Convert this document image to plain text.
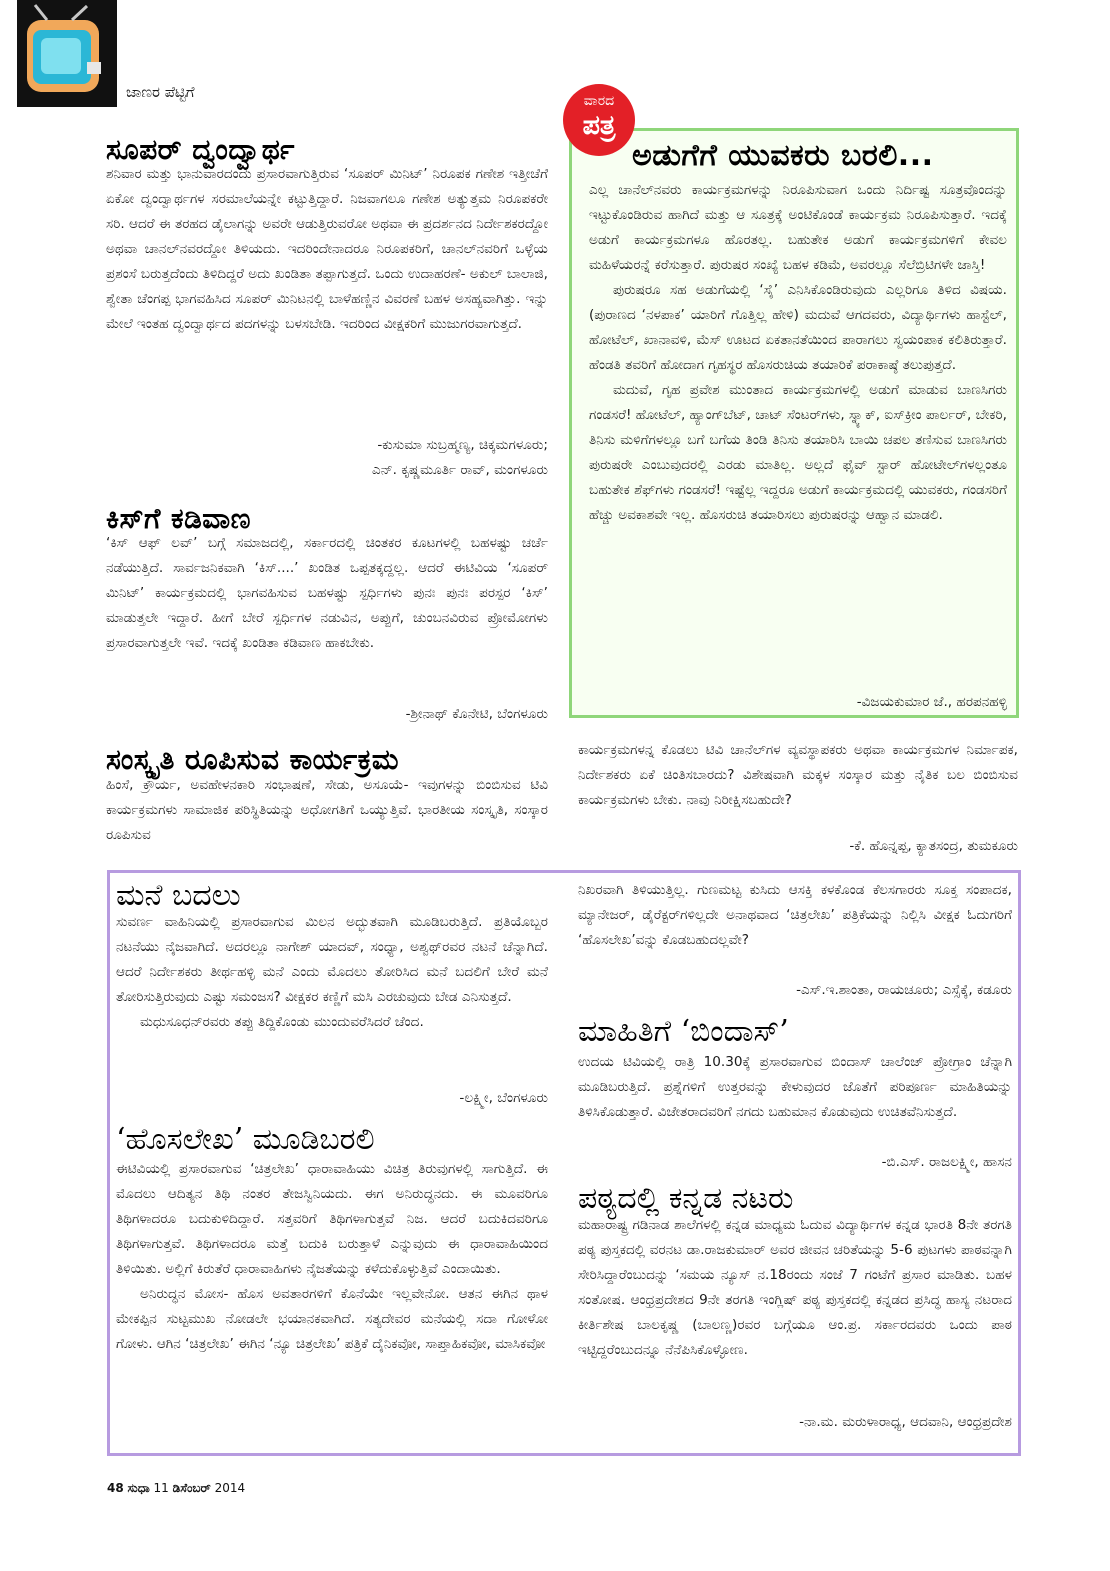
ಜಾಣರ ಪೆಟ್ಟಿಗೆ
ಸೂಪರ್ ದ್ವಂದ್ವಾರ್ಥ

ಶನಿವಾರ ಮತ್ತು ಭಾನುವಾರದಂದು ಪ್ರಸಾರವಾಗುತ್ತಿರುವ ‘ಸೂಪರ್ ಮಿನಿಟ್’ ನಿರೂಪಕ ಗಣೇಶ ಇತ್ತೀಚೆಗೆ ಏಕೋ ದ್ವಂದ್ವಾರ್ಥಗಳ ಸರಮಾಲೆಯನ್ನೇ ಕಟ್ಟುತ್ತಿದ್ದಾರೆ. ನಿಜವಾಗಲೂ ಗಣೇಶ ಅತ್ಯುತ್ತಮ ನಿರೂಪಕರೇ ಸರಿ. ಆದರೆ ಈ ತರಹದ ಡೈಲಾಗನ್ನು ಅವರೇ ಆಡುತ್ತಿರುವರೋ ಅಥವಾ ಈ ಪ್ರದರ್ಶನದ ನಿರ್ದೇಶಕರದ್ದೋ ಅಥವಾ ಚಾನಲ್‌ನವರದ್ದೋ ತಿಳಿಯದು. ಇದರಿಂದೇನಾದರೂ ನಿರೂಪಕರಿಗೆ, ಚಾನಲ್‌ನವರಿಗೆ ಒಳ್ಳೆಯ ಪ್ರಶಂಸೆ ಬರುತ್ತದೆಂದು ತಿಳಿದಿದ್ದರೆ ಅದು ಖಂಡಿತಾ ತಪ್ಪಾಗುತ್ತದೆ. ಒಂದು ಉದಾಹರಣೆ- ಅಕುಲ್ ಬಾಲಾಜಿ, ಶ್ವೇತಾ ಚೆಂಗಪ್ಪ ಭಾಗವಹಿಸಿದ ಸೂಪರ್ ಮಿನಿಟನಲ್ಲಿ ಬಾಳೆಹಣ್ಣಿನ ವಿವರಣೆ ಬಹಳ ಅಸಹ್ಯವಾಗಿತ್ತು. ಇನ್ನು ಮೇಲೆ ಇಂತಹ ದ್ವಂದ್ವಾರ್ಥದ ಪದಗಳನ್ನು ಬಳಸಬೇಡಿ. ಇದರಿಂದ ವೀಕ್ಷಕರಿಗೆ ಮುಜುಗರವಾಗುತ್ತದೆ.

-ಕುಸುಮಾ ಸುಬ್ರಹ್ಮಣ್ಯ, ಚಿಕ್ಕಮಗಳೂರು;
ಎನ್. ಕೃಷ್ಣಮೂರ್ತಿ ರಾವ್, ಮಂಗಳೂರು
ಕಿಸ್‌ಗೆ ಕಡಿವಾಣ

‘ಕಿಸ್ ಆಫ್ ಲವ್’ ಬಗ್ಗೆ ಸಮಾಜದಲ್ಲಿ, ಸರ್ಕಾರದಲ್ಲಿ ಚಿಂತಕರ ಕೂಟಗಳಲ್ಲಿ ಬಹಳಷ್ಟು ಚರ್ಚೆ ನಡೆಯುತ್ತಿದೆ. ಸಾರ್ವಜನಿಕವಾಗಿ ‘ಕಿಸ್....’ ಖಂಡಿತ ಒಪ್ಪತಕ್ಕದ್ದಲ್ಲ. ಆದರೆ ಈಟಿವಿಯ ‘ಸೂಪರ್ ಮಿನಿಟ್’ ಕಾರ್ಯಕ್ರಮದಲ್ಲಿ ಭಾಗವಹಿಸುವ ಬಹಳಷ್ಟು ಸ್ಪರ್ಧಿಗಳು ಪುನಃ ಪುನಃ ಪರಸ್ಪರ ‘ಕಿಸ್’ ಮಾಡುತ್ತಲೇ ಇದ್ದಾರೆ. ಹೀಗೆ ಬೇರೆ ಸ್ಪರ್ಧಿಗಳ ನಡುವಿನ, ಅಪ್ಪುಗೆ, ಚುಂಬನವಿರುವ ಪ್ರೋಮೋಗಳು ಪ್ರಸಾರವಾಗುತ್ತಲೇ ಇವೆ. ಇದಕ್ಕೆ ಖಂಡಿತಾ ಕಡಿವಾಣ ಹಾಕಬೇಕು.

-ಶ್ರೀನಾಥ್ ಕೊನೇಟಿ, ಬೆಂಗಳೂರು
ಸಂಸ್ಕೃತಿ ರೂಪಿಸುವ ಕಾರ್ಯಕ್ರಮ

ಹಿಂಸೆ, ಕ್ರೌರ್ಯ, ಅವಹೇಳನಕಾರಿ ಸಂಭಾಷಣೆ, ಸೇಡು, ಅಸೂಯೆ- ಇವುಗಳನ್ನು ಬಿಂಬಿಸುವ ಟಿವಿ ಕಾರ್ಯಕ್ರಮಗಳು ಸಾಮಾಜಿಕ ಪರಿಸ್ಥಿತಿಯನ್ನು ಅಧೋಗತಿಗೆ ಒಯ್ಯುತ್ತಿವೆ. ಭಾರತೀಯ ಸಂಸ್ಕೃತಿ, ಸಂಸ್ಕಾರ ರೂಪಿಸುವ

ಕಾರ್ಯಕ್ರಮಗಳನ್ನ ಕೊಡಲು ಟಿವಿ ಚಾನೆಲ್‌ಗಳ ವ್ಯವಸ್ಥಾಪಕರು ಅಥವಾ ಕಾರ್ಯಕ್ರಮಗಳ ನಿರ್ಮಾಪಕ, ನಿರ್ದೇಶಕರು ಏಕೆ ಚಿಂತಿಸಬಾರದು? ವಿಶೇಷವಾಗಿ ಮಕ್ಕಳ ಸಂಸ್ಕಾರ ಮತ್ತು ನೈತಿಕ ಬಲ ಬಿಂಬಿಸುವ ಕಾರ್ಯಕ್ರಮಗಳು ಬೇಕು. ನಾವು ನಿರೀಕ್ಷಿಸಬಹುದೇ?

-ಕೆ. ಹೊನ್ನಪ್ಪ, ಕ್ಯಾತಸಂದ್ರ, ತುಮಕೂರು
ವಾರದ
ಪತ್ರ
ಅಡುಗೆಗೆ ಯುವಕರು ಬರಲಿ...

ಎಲ್ಲ ಚಾನೆಲ್‌ನವರು ಕಾರ್ಯಕ್ರಮಗಳನ್ನು ನಿರೂಪಿಸುವಾಗ ಒಂದು ನಿರ್ದಿಷ್ಟ ಸೂತ್ರವೊಂದನ್ನು ಇಟ್ಟುಕೊಂಡಿರುವ ಹಾಗಿದೆ ಮತ್ತು ಆ ಸೂತ್ರಕ್ಕೆ ಅಂಟಿಕೊಂಡೆ ಕಾರ್ಯಕ್ರಮ ನಿರೂಪಿಸುತ್ತಾರೆ. ಇದಕ್ಕೆ ಅಡುಗೆ ಕಾರ್ಯಕ್ರಮಗಳೂ ಹೊರತಲ್ಲ. ಬಹುತೇಕ ಅಡುಗೆ ಕಾರ್ಯಕ್ರಮಗಳಿಗೆ ಕೇವಲ ಮಹಿಳೆಯರನ್ನೆ ಕರೆಸುತ್ತಾರೆ. ಪುರುಷರ ಸಂಖ್ಯೆ ಬಹಳ ಕಡಿಮೆ, ಅವರಲ್ಲೂ ಸೆಲೆಬ್ರಿಟಿಗಳೇ ಜಾಸ್ತಿ!

ಪುರುಷರೂ ಸಹ ಅಡುಗೆಯಲ್ಲಿ ‘ಸೈ’ ಎನಿಸಿಕೊಂಡಿರುವುದು ಎಲ್ಲರಿಗೂ ತಿಳಿದ ವಿಷಯ. (ಪುರಾಣದ ‘ನಳಪಾಕ’ ಯಾರಿಗೆ ಗೊತ್ತಿಲ್ಲ ಹೇಳಿ) ಮದುವೆ ಆಗದವರು, ವಿದ್ಯಾರ್ಥಿಗಳು ಹಾಸ್ಟೆಲ್, ಹೋಟೆಲ್, ಖಾನಾವಳಿ, ಮೆಸ್ ಊಟದ ಏಕತಾನತೆಯಿಂದ ಪಾರಾಗಲು ಸ್ವಯಂಪಾಕ ಕಲಿತಿರುತ್ತಾರೆ. ಹೆಂಡತಿ ತವರಿಗೆ ಹೋದಾಗ ಗೃಹಸ್ಥರ ಹೊಸರುಚಿಯ ತಯಾರಿಕೆ ಪರಾಕಾಷ್ಠೆ ತಲುಪುತ್ತದೆ.

ಮದುವೆ, ಗೃಹ ಪ್ರವೇಶ ಮುಂತಾದ ಕಾರ್ಯಕ್ರಮಗಳಲ್ಲಿ ಅಡುಗೆ ಮಾಡುವ ಬಾಣಸಿಗರು ಗಂಡಸರೆ! ಹೋಟೆಲ್, ಹ್ಯಾಂಗ್‌ಬೆಟ್, ಚಾಟ್ ಸೆಂಟರ್‌ಗಳು, ಸ್ನ್ಯಾಕ್, ಐಸ್‌ಕ್ರೀಂ ಪಾರ್ಲರ್, ಬೇಕರಿ, ತಿನಿಸು ಮಳಿಗೆಗಳಲ್ಲೂ ಬಗೆ ಬಗೆಯ ತಿಂಡಿ ತಿನಿಸು ತಯಾರಿಸಿ ಬಾಯಿ ಚಪಲ ತಣಿಸುವ ಬಾಣಸಿಗರು ಪುರುಷರೇ ಎಂಬುವುದರಲ್ಲಿ ಎರಡು ಮಾತಿಲ್ಲ. ಅಲ್ಲದೆ ಫೈವ್ ಸ್ಟಾರ್ ಹೋಟೇಲ್‌ಗಳಲ್ಲಂತೂ ಬಹುತೇಕ ಶೆಫ್‌ಗಳು ಗಂಡಸರೆ! ಇಷ್ಟೆಲ್ಲ ಇದ್ದರೂ ಅಡುಗೆ ಕಾರ್ಯಕ್ರಮದಲ್ಲಿ ಯುವಕರು, ಗಂಡಸರಿಗೆ ಹೆಚ್ಚು ಅವಕಾಶವೇ ಇಲ್ಲ. ಹೊಸರುಚಿ ತಯಾರಿಸಲು ಪುರುಷರನ್ನು ಆಹ್ವಾನ ಮಾಡಲಿ.

-ವಿಜಯಕುಮಾರ ಜೆ., ಹರಪನಹಳ್ಳಿ
ಮನೆ ಬದಲು

ಸುವರ್ಣ ವಾಹಿನಿಯಲ್ಲಿ ಪ್ರಸಾರವಾಗುವ ಮಿಲನ ಅದ್ಭುತವಾಗಿ ಮೂಡಿಬರುತ್ತಿದೆ. ಪ್ರತಿಯೊಬ್ಬರ ನಟನೆಯು ನೈಜವಾಗಿದೆ. ಅದರಲ್ಲೂ ನಾಗೇಶ್ ಯಾದವ್, ಸಂಧ್ಯಾ, ಅಶ್ವಥ್‌ರವರ ನಟನೆ ಚೆನ್ನಾಗಿದೆ. ಆದರೆ ನಿರ್ದೇಶಕರು ತೀರ್ಥಹಳ್ಳಿ ಮನೆ ಎಂದು ಮೊದಲು ತೋರಿಸಿದ ಮನೆ ಬದಲಿಗೆ ಬೇರೆ ಮನೆ ತೋರಿಸುತ್ತಿರುವುದು ಎಷ್ಟು ಸಮಂಜಸ? ವೀಕ್ಷಕರ ಕಣ್ಣಿಗೆ ಮಸಿ ಎರಚುವುದು ಬೇಡ ಎನಿಸುತ್ತದೆ.

ಮಧುಸೂಧನ್‌ರವರು ತಪ್ಪು ತಿದ್ದಿಕೊಂಡು ಮುಂದುವರೆಸಿದರೆ ಚೆಂದ.

-ಲಕ್ಷ್ಮೀ, ಬೆಂಗಳೂರು
‘ಹೊಸಲೇಖ’ ಮೂಡಿಬರಲಿ

ಈಟಿವಿಯಲ್ಲಿ ಪ್ರಸಾರವಾಗುವ ‘ಚಿತ್ರಲೇಖ’ ಧಾರಾವಾಹಿಯು ವಿಚಿತ್ರ ತಿರುವುಗಳಲ್ಲಿ ಸಾಗುತ್ತಿದೆ. ಈ ಮೊದಲು ಆದಿತ್ಯನ ತಿಥಿ ನಂತರ ತೇಜಸ್ವಿನಿಯದು. ಈಗ ಅನಿರುದ್ಧನದು. ಈ ಮೂವರಿಗೂ ತಿಥಿಗಳಾದರೂ ಬದುಕುಳಿದಿದ್ದಾರೆ. ಸತ್ತವರಿಗೆ ತಿಥಿಗಳಾಗುತ್ತವೆ ನಿಜ. ಆದರೆ ಬದುಕಿದವರಿಗೂ ತಿಥಿಗಳಾಗುತ್ತವೆ. ತಿಥಿಗಳಾದರೂ ಮತ್ತೆ ಬದುಕಿ ಬರುತ್ತಾಳೆ ಎನ್ನುವುದು ಈ ಧಾರಾವಾಹಿಯಿಂದ ತಿಳಿಯಿತು. ಅಲ್ಲಿಗೆ ಕಿರುತೆರೆ ಧಾರಾವಾಹಿಗಳು ನೈಜತೆಯನ್ನು ಕಳೆದುಕೊಳ್ಳುತ್ತಿವೆ ಎಂದಾಯಿತು.

ಅನಿರುದ್ಧನ ಮೋಸ- ಹೊಸ ಅವತಾರಗಳಿಗೆ ಕೊನೆಯೇ ಇಲ್ಲವೇನೋ. ಆತನ ಈಗಿನ ಥಾಳ ಮೇಕಪ್ಪಿನ ಸುಟ್ಟಮುಖ ನೋಡಲೇ ಭಯಾನಕವಾಗಿದೆ. ಸತ್ಯದೇವರ ಮನೆಯಲ್ಲಿ ಸದಾ ಗೋಳೋ ಗೋಳು. ಆಗಿನ ‘ಚಿತ್ರಲೇಖ’ ಈಗಿನ ‘ನ್ಯೂ ಚಿತ್ರಲೇಖ’ ಪತ್ರಿಕೆ ದೈನಿಕವೋ, ಸಾಪ್ತಾಹಿಕವೋ, ಮಾಸಿಕವೋ

ನಿಖರವಾಗಿ ತಿಳಿಯುತ್ತಿಲ್ಲ. ಗುಣಮಟ್ಟ ಕುಸಿದು ಆಸಕ್ತಿ ಕಳಕೊಂಡ ಕೆಲಸಗಾರರು ಸೂಕ್ತ ಸಂಪಾದಕ, ಮ್ಯಾನೇಜರ್, ಡೈರೆಕ್ಟರ್‌ಗಳಿಲ್ಲದೇ ಅನಾಥವಾದ ‘ಚಿತ್ರಲೇಖ’ ಪತ್ರಿಕೆಯನ್ನು ನಿಲ್ಲಿಸಿ ವೀಕ್ಷಕ ಓದುಗರಿಗೆ ‘ಹೊಸಲೇಖ’ವನ್ನು ಕೊಡಬಹುದಲ್ಲವೇ?

-ಎಸ್.ಇ.ಶಾಂತಾ, ರಾಯಚೂರು; ಎಸ್ಸೆಕ್ಕೆ, ಕಡೂರು
ಮಾಹಿತಿಗೆ ‘ಬಿಂದಾಸ್’

ಉದಯ ಟಿವಿಯಲ್ಲಿ ರಾತ್ರಿ 10.30ಕ್ಕೆ ಪ್ರಸಾರವಾಗುವ ಬಿಂದಾಸ್ ಚಾಲೆಂಜ್ ಪ್ರೋಗ್ರಾಂ ಚೆನ್ನಾಗಿ ಮೂಡಿಬರುತ್ತಿದೆ. ಪ್ರಶ್ನೆಗಳಿಗೆ ಉತ್ತರವನ್ನು ಕೇಳುವುದರ ಜೊತೆಗೆ ಪರಿಪೂರ್ಣ ಮಾಹಿತಿಯನ್ನು ತಿಳಿಸಿಕೊಡುತ್ತಾರೆ. ವಿಜೇತರಾದವರಿಗೆ ನಗದು ಬಹುಮಾನ ಕೊಡುವುದು ಉಚಿತವೆನಿಸುತ್ತದೆ.

-ಬಿ.ಎಸ್. ರಾಜಲಕ್ಷ್ಮೀ, ಹಾಸನ
ಪಠ್ಯದಲ್ಲಿ ಕನ್ನಡ ನಟರು

ಮಹಾರಾಷ್ಟ್ರ ಗಡಿನಾಡ ಶಾಲೆಗಳಲ್ಲಿ ಕನ್ನಡ ಮಾಧ್ಯಮ ಓದುವ ವಿದ್ಯಾರ್ಥಿಗಳ ಕನ್ನಡ ಭಾರತಿ 8ನೇ ತರಗತಿ ಪಠ್ಯ ಪುಸ್ತಕದಲ್ಲಿ ವರನಟ ಡಾ.ರಾಜಕುಮಾರ್ ಅವರ ಜೀವನ ಚರಿತೆಯನ್ನು 5-6 ಪುಟಗಳು ಪಾಠವನ್ನಾಗಿ ಸೇರಿಸಿದ್ದಾರೆಂಬುದನ್ನು ‘ಸಮಯ ನ್ಯೂಸ್ ನ.18ರಂದು ಸಂಜೆ 7 ಗಂಟೆಗೆ ಪ್ರಸಾರ ಮಾಡಿತು. ಬಹಳ ಸಂತೋಷ. ಆಂಧ್ರಪ್ರದೇಶದ 9ನೇ ತರಗತಿ ಇಂಗ್ಲಿಷ್ ಪಠ್ಯ ಪುಸ್ತಕದಲ್ಲಿ ಕನ್ನಡದ ಪ್ರಸಿದ್ಧ ಹಾಸ್ಯ ನಟರಾದ ಕೀರ್ತಿಶೇಷ ಬಾಲಕೃಷ್ಣ (ಬಾಲಣ್ಣ)ರವರ ಬಗ್ಗೆಯೂ ಆಂ.ಪ್ರ. ಸರ್ಕಾರದವರು ಒಂದು ಪಾಠ ಇಟ್ಟಿದ್ದರೆಂಬುದನ್ನೂ ನೆನೆಪಿಸಿಕೊಳ್ಳೋಣ.

-ನಾ.ಮ. ಮರುಳಾರಾಧ್ಯ, ಆದವಾನಿ, ಆಂಧ್ರಪ್ರದೇಶ
48 ಸುಧಾ 11 ಡಿಸೆಂಬರ್ 2014
